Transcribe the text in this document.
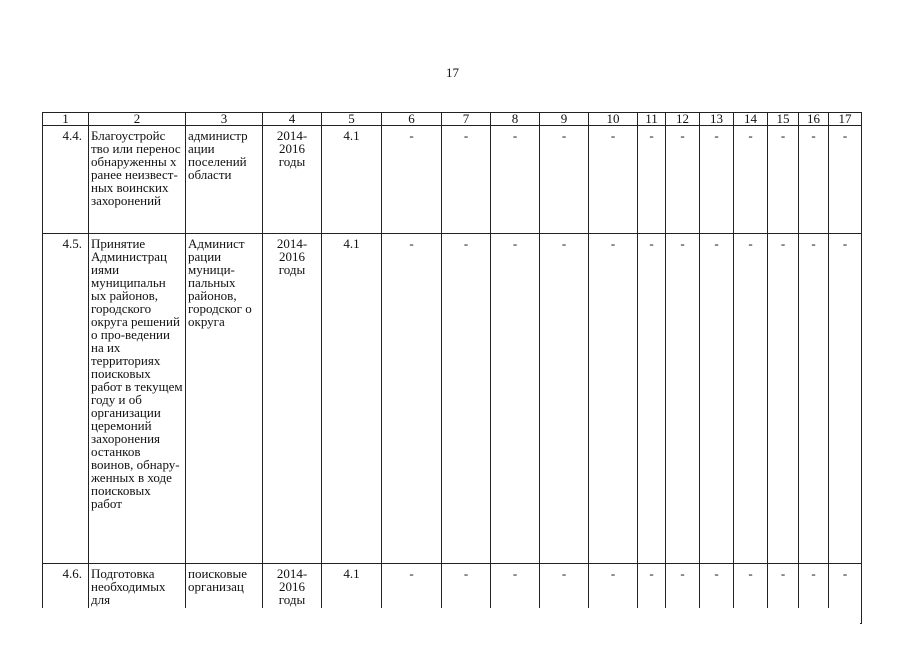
17
1	2	3	4	5	6	7	8	9	10	11	12	13	14	15	16	17
4.4.	Благоустройс тво или перенос обнаруженны х ранее неизвест-ных воинских захоронений	администр ации поселений области	2014- 2016 годы	4.1	-	-	-	-	-	-	-	-	-	-	-	-
4.5.	Принятие Администрац иями муниципальн ых районов, городского округа решений о про-ведении на их территориях поисковых работ в текущем году и об организации церемоний захоронения останков воинов, обнару-женных в ходе поисковых работ	Админист рации муници-пальных районов, городског о округа	2014- 2016 годы	4.1	-	-	-	-	-	-	-	-	-	-	-	-
4.6.	Подготовка необходимых для	поисковые организац	2014- 2016 годы	4.1	-	-	-	-	-	-	-	-	-	-	-	-
